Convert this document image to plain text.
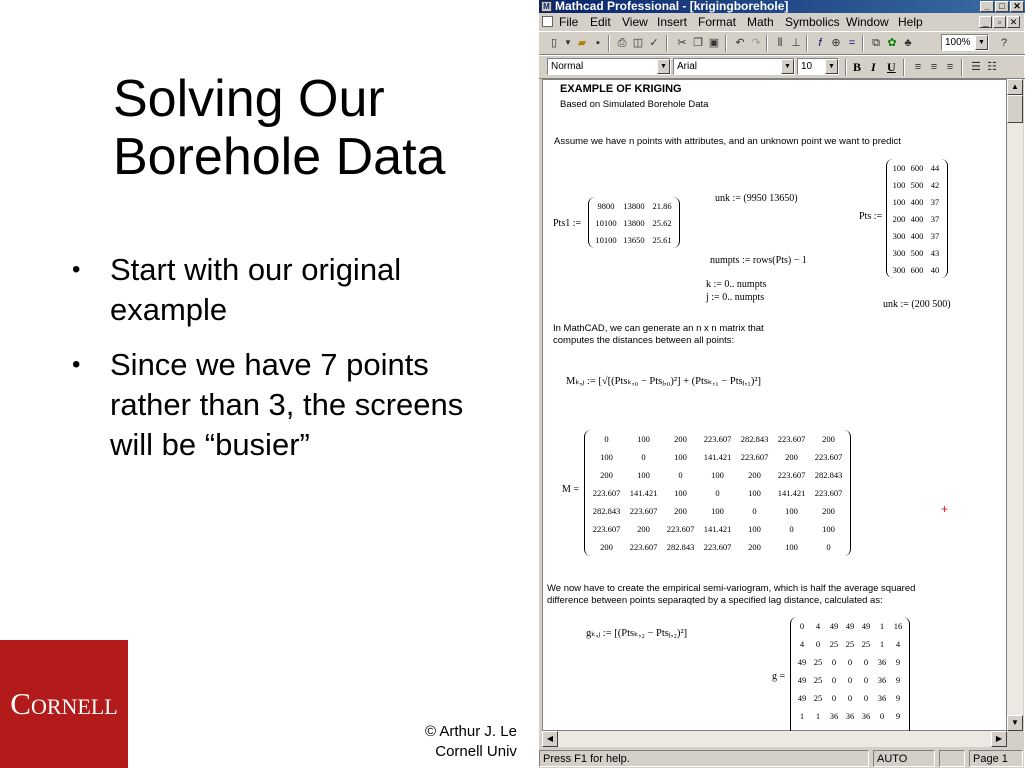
Solving Our
Borehole Data
• Start with our original example
• Since we have 7 points rather than 3, the screens will be “busier”
Cornell
© Arthur J. Le
Cornell Univ
M Mathcad Professional - [krigingborehole]	_	□ ✕
File Edit View Insert Format Math Symbolics Window Help	_	▫ ✕
▯ ▼ ▰ ▪	⎙ ◫ ✓ ✂ ❐ ▣ ↶ ↷	⫴ ⊥	f ⊕ =	⧉ ✿ ♣	100%	▼	?
Normal	▼	Arial	▼	10	▼ B I U	≡ ≡ ≡	☰ ☷
EXAMPLE OF KRIGING
Based on Simulated Borehole Data
Assume we have n points with attributes, and an unknown point we want to predict
Pts1 :=
9800	13800	21.86
10100	13800	25.62
10100	13650	25.61
unk := (9950 13650)
numpts := rows(Pts) − 1
k := 0.. numpts
j := 0.. numpts
Pts :=
100	600	44
100	500	42
100	400	37
200	400	37
300	400	37
300	500	43
300	600	40
unk := (200 500)
In MathCAD, we can generate an n x n matrix that
computes the distances between all points:
Mₖ,ⱼ := [√[(Ptsₖ,₀ − Ptsⱼ,₀)²] + (Ptsₖ,₁ − Ptsⱼ,₁)²]
M =
0	100	200	223.607	282.843	223.607	200
100	0	100	141.421	223.607	200	223.607
200	100	0	100	200	223.607	282.843
223.607	141.421	100	0	100	141.421	223.607
282.843	223.607	200	100	0	100	200
223.607	200	223.607	141.421	100	0	100
200	223.607	282.843	223.607	200	100	0
+
We now have to create the empirical semi-variogram, which is half the average squared
difference between points separaqted by a specified lag distance, calculated as:
gₖ,ⱼ := [(Ptsₖ,₂ − Ptsⱼ,₂)²]
g =
0	4	49	49	49	1	16
4	0	25	25	25	1	4
49	25	0	0	0	36	9
49	25	0	0	0	36	9
49	25	0	0	0	36	9
1	1	36	36	36	0	9

▲
▼
◀	▶
Press F1 for help.	AUTO	Page 1
